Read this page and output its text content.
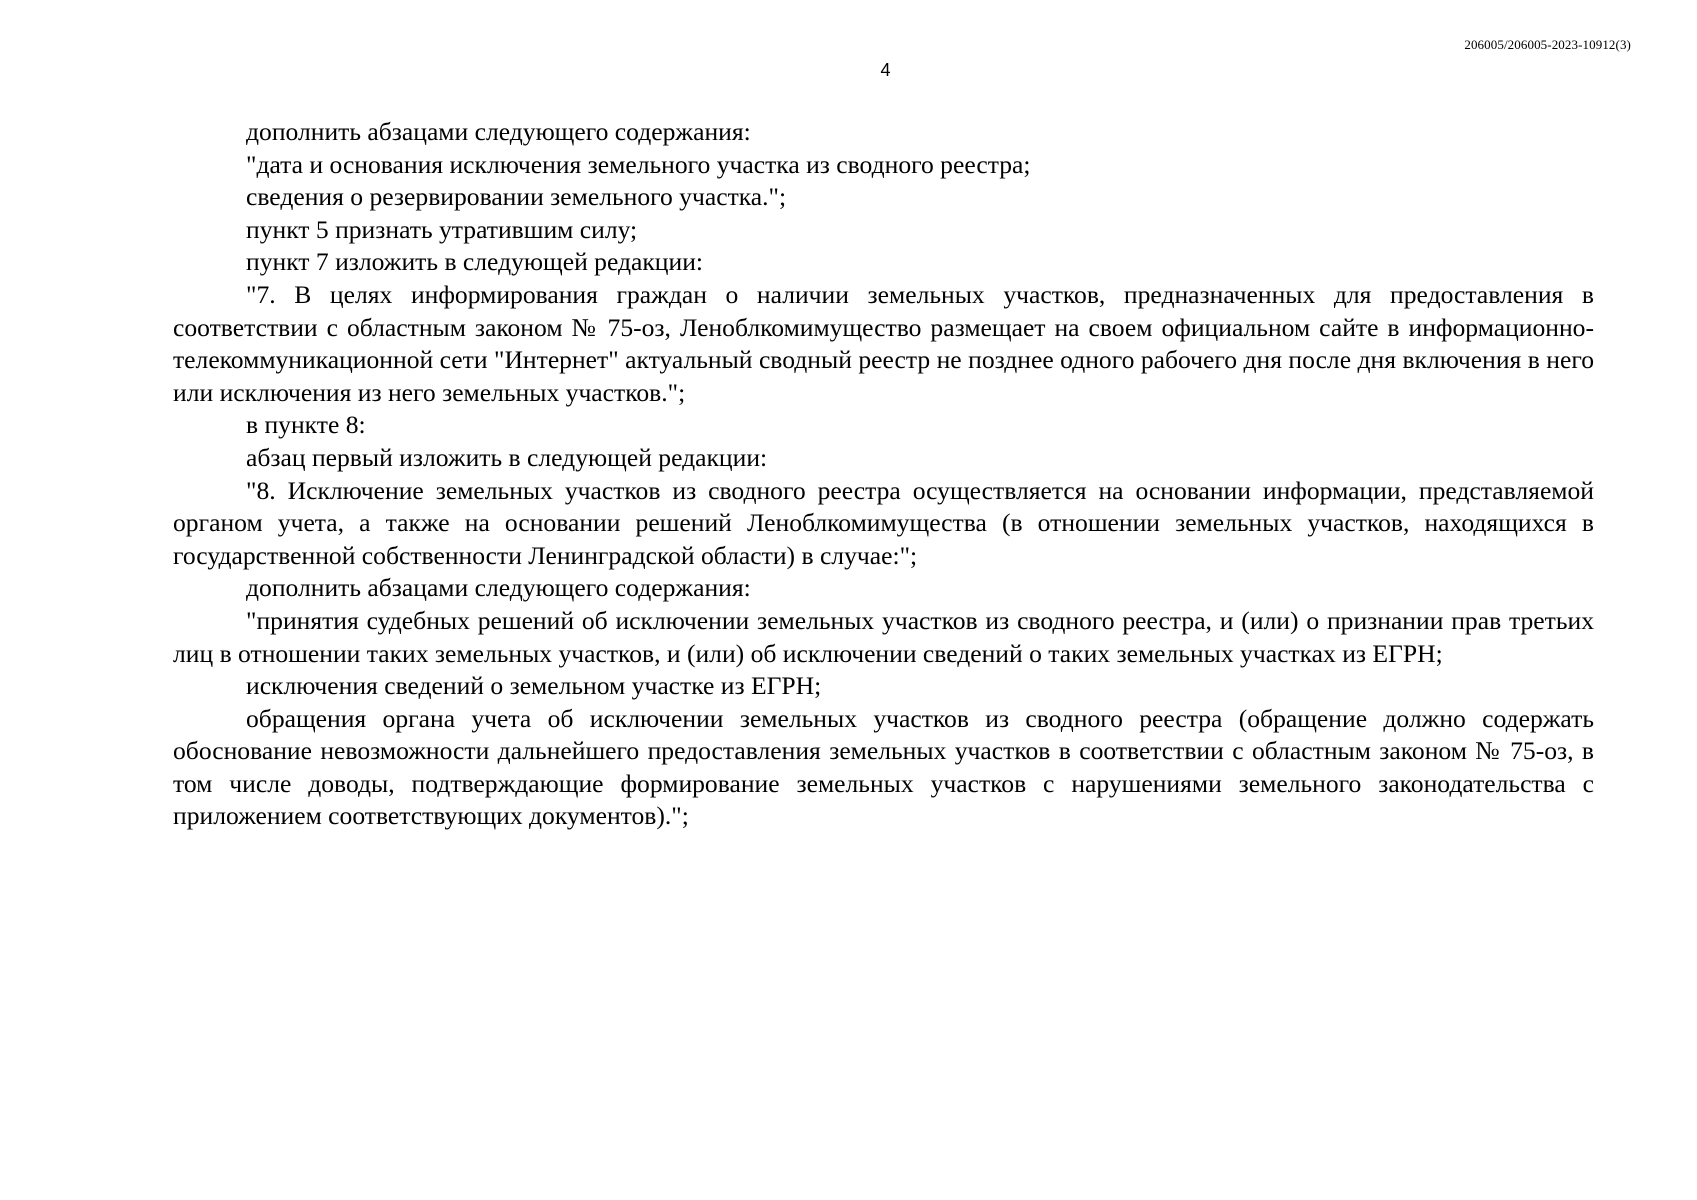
206005/206005-2023-10912(3)
4

дополнить абзацами следующего содержания:

"дата и основания исключения земельного участка из сводного реестра;

сведения о резервировании земельного участка.";

пункт 5 признать утратившим силу;

пункт 7 изложить в следующей редакции:

"7. В целях информирования граждан о наличии земельных участков, предназначенных для предоставления в соответствии с областным законом № 75-оз, Леноблкомимущество размещает на своем официальном сайте в информационно-телекоммуникационной сети "Интернет" актуальный сводный реестр не позднее одного рабочего дня после дня включения в него или исключения из него земельных участков.";

в пункте 8:

абзац первый изложить в следующей редакции:

"8. Исключение земельных участков из сводного реестра осуществляется на основании информации, представляемой органом учета, а также на основании решений Леноблкомимущества (в отношении земельных участков, находящихся в государственной собственности Ленинградской области) в случае:";

дополнить абзацами следующего содержания:

"принятия судебных решений об исключении земельных участков из сводного реестра, и (или) о признании прав третьих лиц в отношении таких земельных участков, и (или) об исключении сведений о таких земельных участках из ЕГРН;

исключения сведений о земельном участке из ЕГРН;

обращения органа учета об исключении земельных участков из сводного реестра (обращение должно содержать обоснование невозможности дальнейшего предоставления земельных участков в соответствии с областным законом № 75-оз, в том числе доводы, подтверждающие формирование земельных участков с нарушениями земельного законодательства с приложением соответствующих документов).";
